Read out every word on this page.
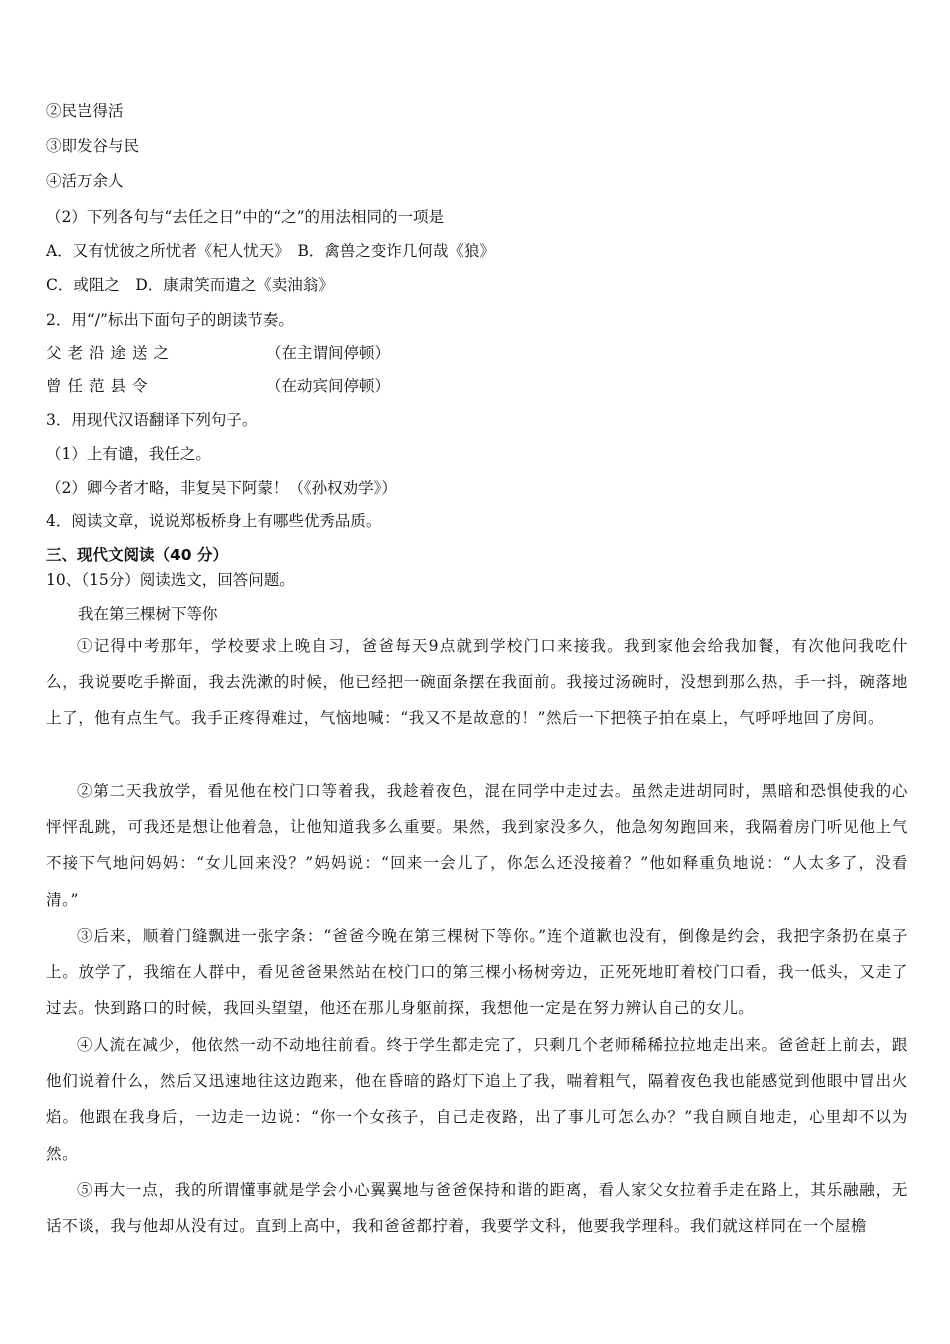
②民岂得活
③即发谷与民
④活万余人
（2）下列各句与“去任之日”中的“之”的用法相同的一项是
A．又有忧彼之所忧者《杞人忧天》　B．禽兽之变诈几何哉《狼》
C．或阻之　D．康肃笑而遣之《卖油翁》
2．用“/”标出下面句子的朗读节奏。
父老沿途送之	（在主谓间停顿）
曾任范县令	（在动宾间停顿）
3．用现代汉语翻译下列句子。
（1）上有谴，我任之。
（2）卿今者才略，非复吴下阿蒙！（《孙权劝学》）
4．阅读文章，说说郑板桥身上有哪些优秀品质。
三、现代文阅读（40 分）
10、（15分）阅读选文，回答问题。
我在第三棵树下等你
①记得中考那年，学校要求上晚自习，爸爸每天9点就到学校门口来接我。我到家他会给我加餐，有次他问我吃什么，我说要吃手擀面，我去洗漱的时候，他已经把一碗面条摆在我面前。我接过汤碗时，没想到那么热，手一抖，碗落地上了，他有点生气。我手正疼得难过，气恼地喊：“我又不是故意的！”然后一下把筷子拍在桌上，气呼呼地回了房间。
②第二天我放学，看见他在校门口等着我，我趁着夜色，混在同学中走过去。虽然走进胡同时，黑暗和恐惧使我的心怦怦乱跳，可我还是想让他着急，让他知道我多么重要。果然，我到家没多久，他急匆匆跑回来，我隔着房门听见他上气不接下气地问妈妈：“女儿回来没？”妈妈说：“回来一会儿了，你怎么还没接着？”他如释重负地说：“人太多了，没看清。”
③后来，顺着门缝飘进一张字条：“爸爸今晚在第三棵树下等你。”连个道歉也没有，倒像是约会，我把字条扔在桌子上。放学了，我缩在人群中，看见爸爸果然站在校门口的第三棵小杨树旁边，正死死地盯着校门口看，我一低头，又走了过去。快到路口的时候，我回头望望，他还在那儿身躯前探，我想他一定是在努力辨认自己的女儿。
④人流在减少，他依然一动不动地往前看。终于学生都走完了，只剩几个老师稀稀拉拉地走出来。爸爸赶上前去，跟他们说着什么，然后又迅速地往这边跑来，他在昏暗的路灯下追上了我，喘着粗气，隔着夜色我也能感觉到他眼中冒出火焰。他跟在我身后，一边走一边说：“你一个女孩子，自己走夜路，出了事儿可怎么办？”我自顾自地走，心里却不以为然。
⑤再大一点，我的所谓懂事就是学会小心翼翼地与爸爸保持和谐的距离，看人家父女拉着手走在路上，其乐融融，无话不谈，我与他却从没有过。直到上高中，我和爸爸都拧着，我要学文科，他要我学理科。我们就这样同在一个屋檐
